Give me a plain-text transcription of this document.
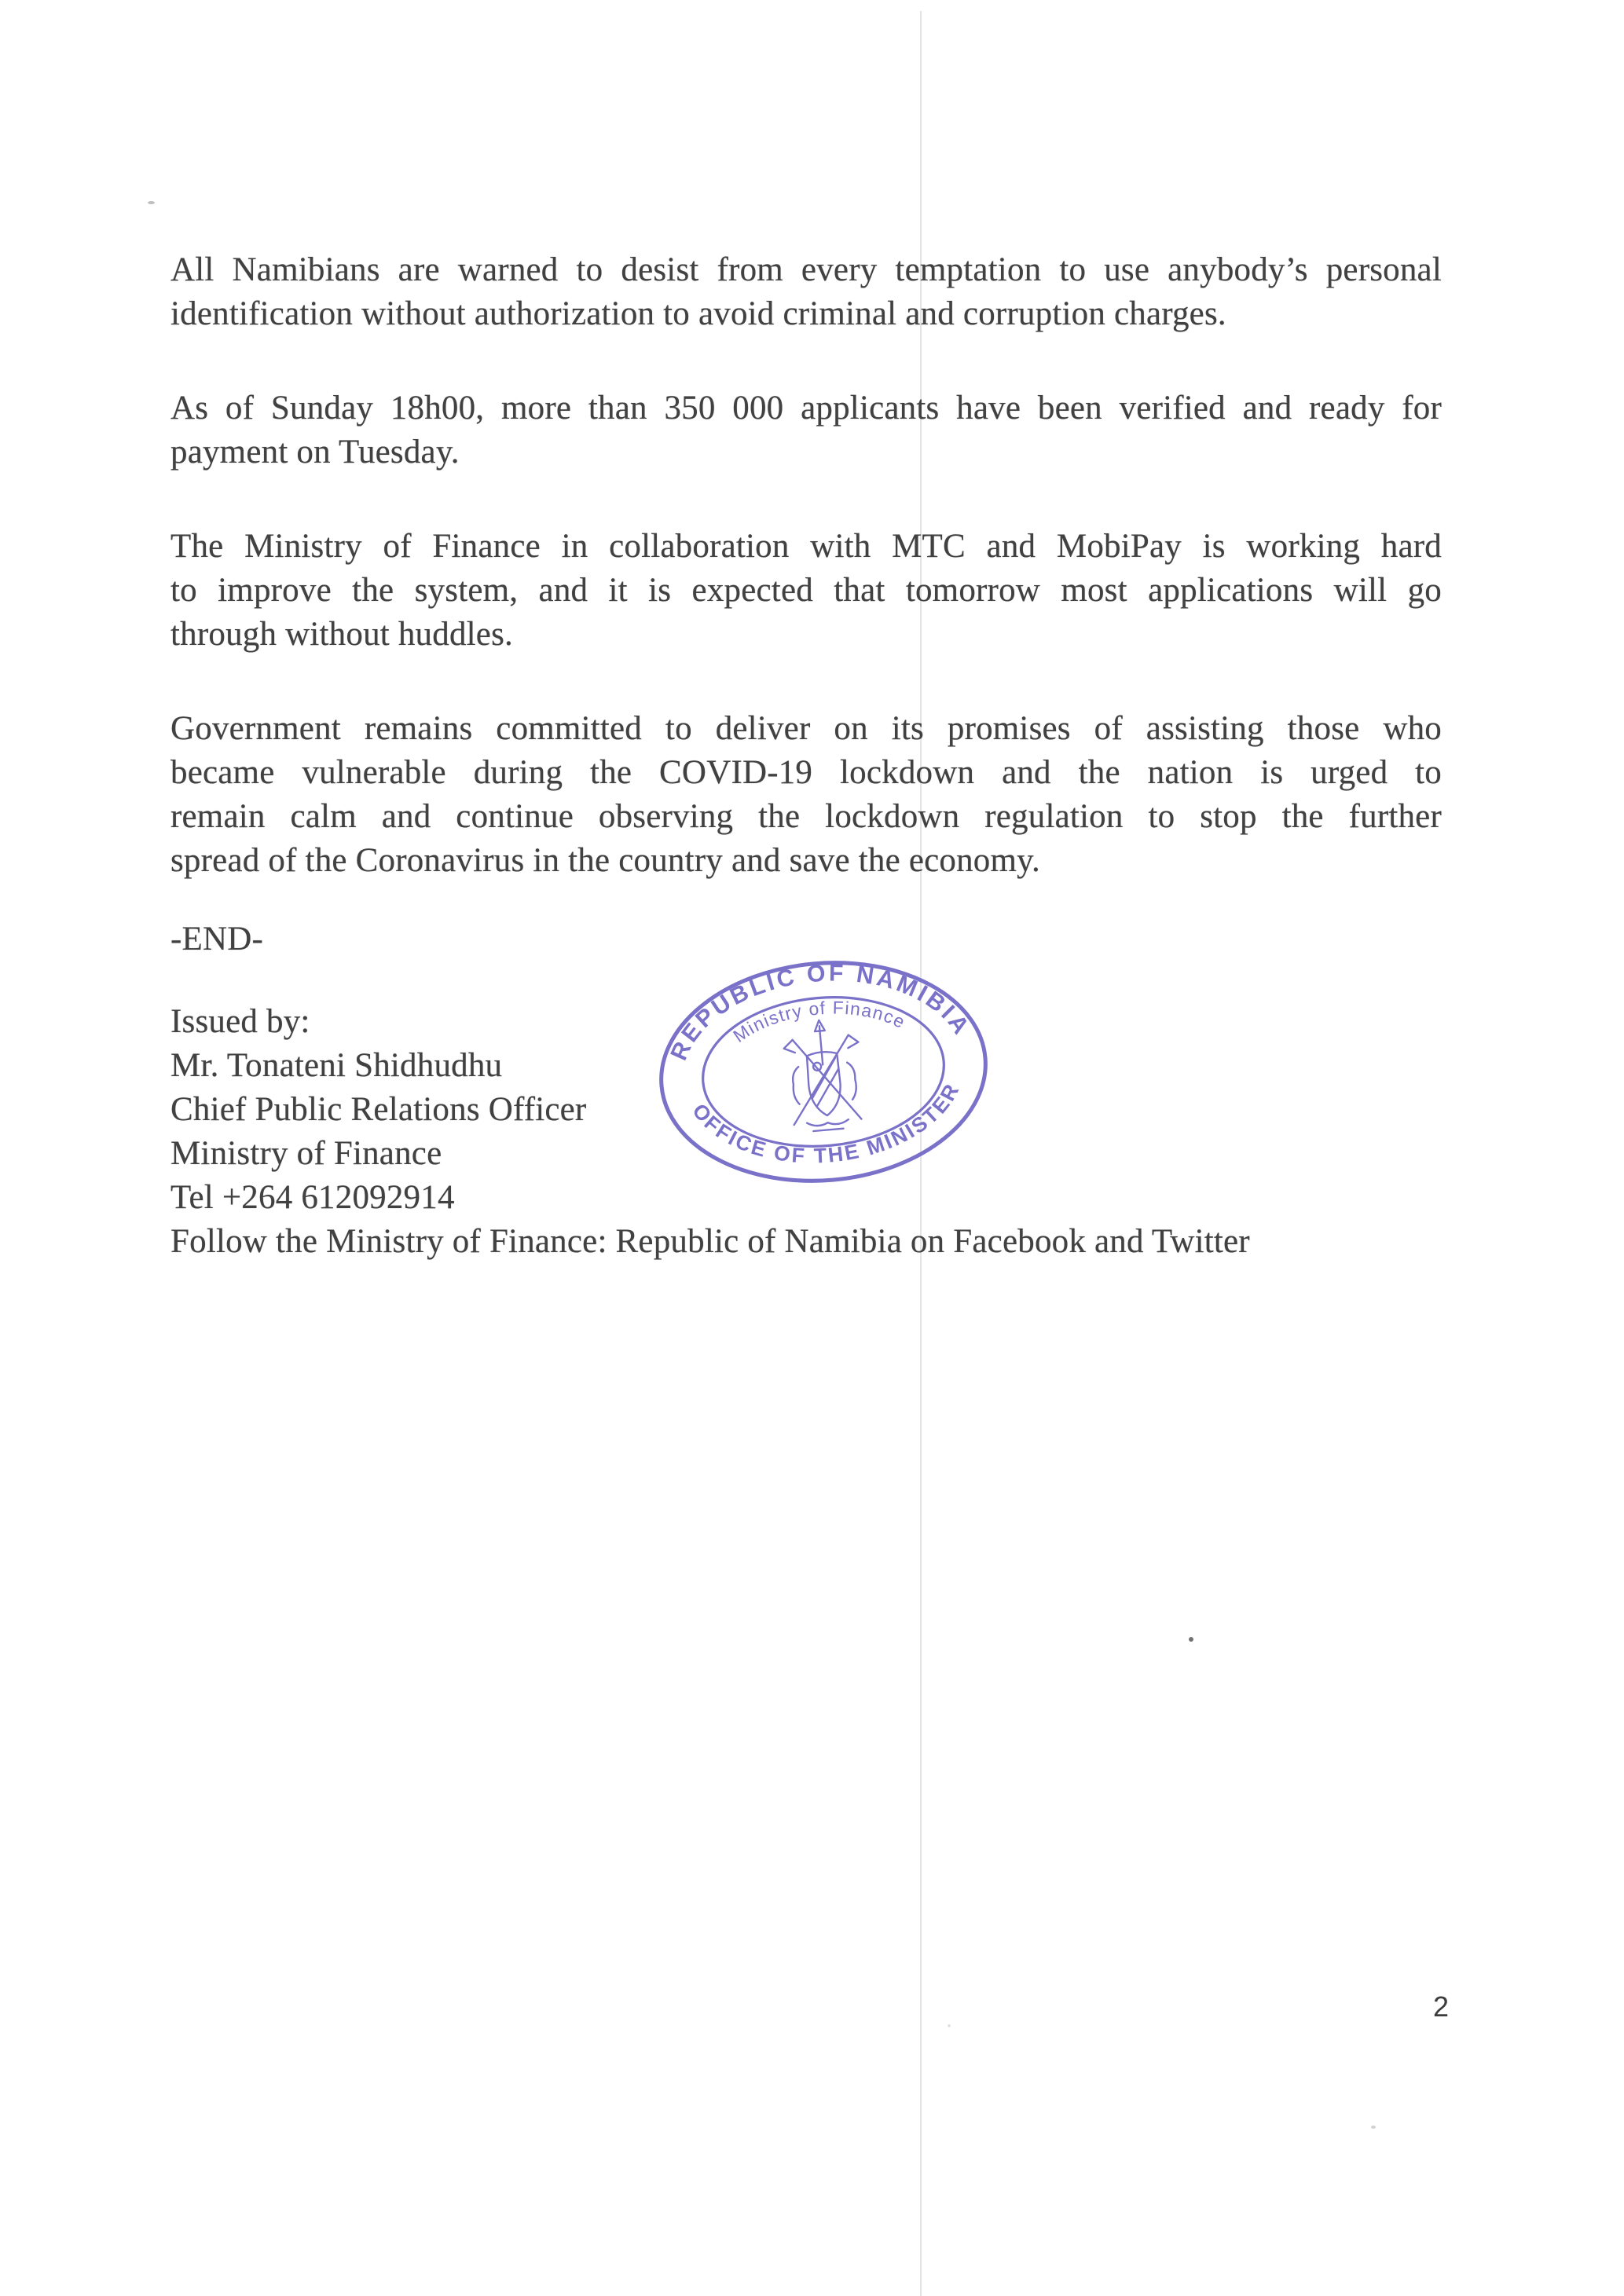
All Namibians are warned to desist from every temptation to use anybody’s personal
identification without authorization to avoid criminal and corruption charges.
As of Sunday 18h00, more than 350 000 applicants have been verified and ready for
payment on Tuesday.
The Ministry of Finance in collaboration with MTC and MobiPay is working hard
to improve the system, and it is expected that tomorrow most applications will go
through without huddles.
Government remains committed to deliver on its promises of assisting those who
became vulnerable during the COVID-19 lockdown and the nation is urged to
remain calm and continue observing the lockdown regulation to stop the further
spread of the Coronavirus in the country and save the economy.
-END-
Issued by:
Mr. Tonateni Shidhudhu
Chief Public Relations Officer
Ministry of Finance
Tel +264 612092914
Follow the Ministry of Finance: Republic of Namibia on Facebook and Twitter
REPUBLIC OF NAMIBIA
OFFICE OF THE MINISTER
Ministry of Finance
2
